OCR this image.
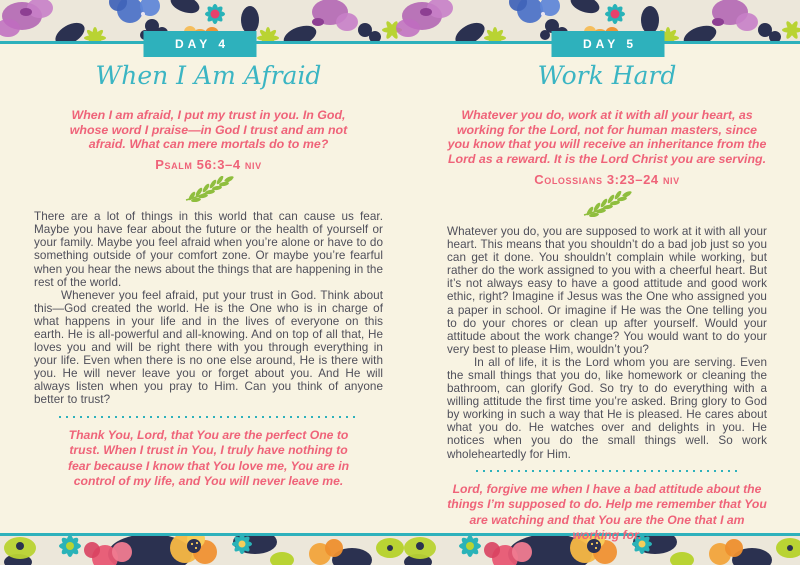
DAY 4
When I Am Afraid
When I am afraid, I put my trust in you. In God, whose word I praise—in God I trust and am not afraid. What can mere mortals do to me?
Psalm 56:3–4 niv

There are a lot of things in this world that can cause us fear. Maybe you have fear about the future or the health of yourself or your family. Maybe you feel afraid when you’re alone or have to do something outside of your comfort zone. Or maybe you’re fearful when you hear the news about the things that are happening in the rest of the world.

Whenever you feel afraid, put your trust in God. Think about this—God created the world. He is the One who is in charge of what happens in your life and in the lives of everyone on this earth. He is all-powerful and all-knowing. And on top of all that, He loves you and will be right there with you through everything in your life. Even when there is no one else around, He is there with you. He will never leave you or forget about you. And He will always listen when you pray to Him. Can you think of anyone better to trust?

Thank You, Lord, that You are the perfect One to trust. When I trust in You, I truly have nothing to fear because I know that You love me, You are in control of my life, and You will never leave me.
DAY 5
Work Hard
Whatever you do, work at it with all your heart, as working for the Lord, not for human masters, since you know that you will receive an inheritance from the Lord as a reward. It is the Lord Christ you are serving.
Colossians 3:23–24 niv

Whatever you do, you are supposed to work at it with all your heart. This means that you shouldn’t do a bad job just so you can get it done. You shouldn’t complain while working, but rather do the work assigned to you with a cheerful heart. But it’s not always easy to have a good attitude and good work ethic, right? Imagine if Jesus was the One who assigned you a paper in school. Or imagine if He was the One telling you to do your chores or clean up after yourself. Would your attitude about the work change? You would want to do your very best to please Him, wouldn’t you?

In all of life, it is the Lord whom you are serving. Even the small things that you do, like homework or cleaning the bathroom, can glorify God. So try to do everything with a willing attitude the first time you’re asked. Bring glory to God by working in such a way that He is pleased. He cares about what you do. He watches over and delights in you. He notices when you do the small things well. So work wholeheartedly for Him.

Lord, forgive me when I have a bad attitude about the things I’m supposed to do. Help me remember that You are watching and that You are the One that I am working for.
